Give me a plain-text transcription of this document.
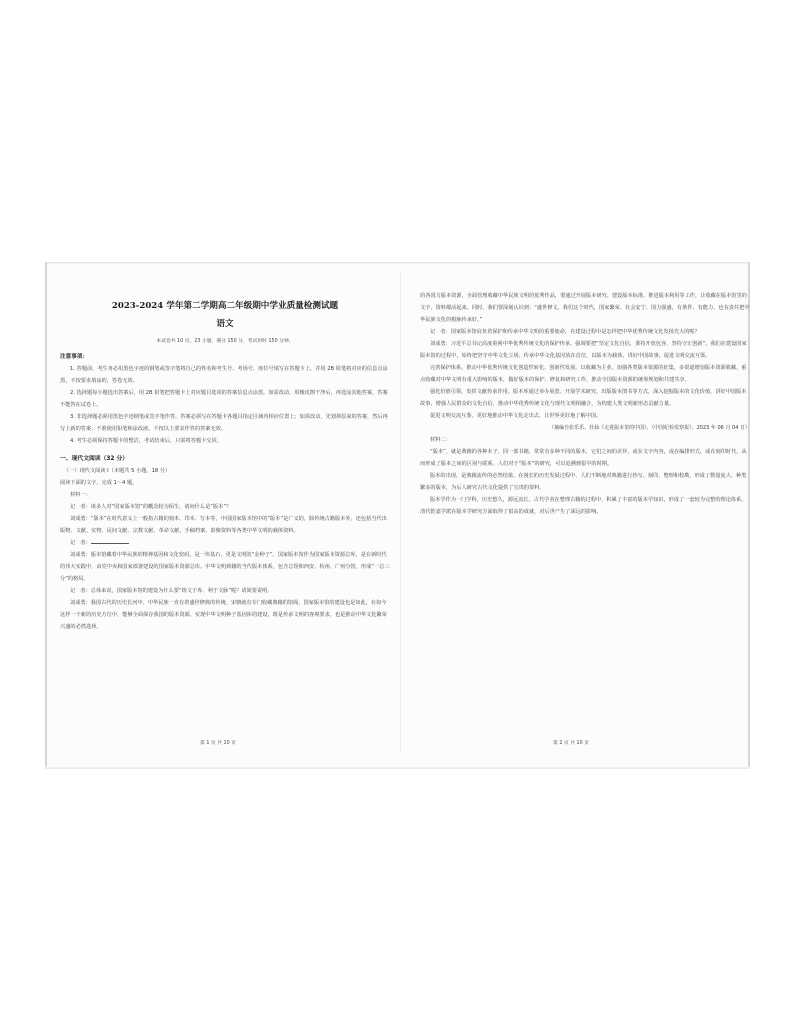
2023-2024 学年第二学期高二年级期中学业质量检测试题
语文
本试卷共 10 页，23 小题，满分 150 分，考试用时 150 分钟。
注意事项：

1. 答题前，考生务必用黑色字迹的钢笔或签字笔将自己的姓名和考生号、考场号、座位号填写在答题卡上，并用 2B 铅笔将对应的信息点涂黑，不按要求填涂的，答卷无效。

2. 选择题每小题选出答案后，用 2B 铅笔把答题卡上对应题目选项的答案信息点涂黑，如需改动，用橡皮擦干净后，再选涂其他答案，答案不能答在试卷上。

3. 非选择题必须用黑色字迹钢笔或签字笔作答，答案必须写在答题卡各题目指定区域内相应位置上；如需改动，先划掉原来的答案，然后再写上新的答案；不准使用铅笔和涂改液。不按以上要求作答的答案无效。

4. 考生必须保持答题卡的整洁，考试结束后，只需将答题卡交回。

一、现代文阅读（32 分）

（一）现代文阅读 I（本题共 5 小题，18 分）

阅读下面的文字，完成 1～4 题。

材料一：

记　者：谈多人对“国家版本馆”的概念较为陌生，请问什么是“版本”？

刘成勇：“版本”在时代意义上一般指古籍的刻本、印本、写本等，中国国家版本馆中的“版本”是广义的，除传统古籍版本外，还包括当代出版物、文献、实物、民间文献、宗教文献、革命文献、手稿档案、影像资料等各类中华文明的载体资料。

记　者：

刘成勇：版本馆藏着中华民族的精神基因和文化密码，是一块基石，更是文明的“金种子”。国家版本馆作为国家版本资源总库，是在新时代的伟大实践中，由党中央和国家部署建设的国家版本资源总库。中华文明典籍的当代版本体系，包含总馆和西安、杭州、广州分馆，形成“一总三分”的格局。

记　者：总体来说，国家版本馆的建设为什么要“铸文于库、利于文脉”呢？请简要说明。

刘成勇：我国古代的历史长河中，中华民族一直有着盛世修典的传统。宋朝就有专门收藏典籍的馆阁，国家版本馆的建设也是如此，在如今这样一个新的历史方位中，能够全面保存我国的版本资源，实现中华文明种子基因库的建设，既是传承文明的客观要求，也是推动中华文化繁荣兴盛的必然选择。

的各国力版本资源，全面管理收藏中华民族文明的优秀作品，要通过开展版本研究、建设版本标准、推进版本利用等工作，让收藏在版本馆里的文字、资料都活起来。同时，我们要深刻认识到：“盛世修文，我们这个时代，国家繁荣、社会安宁、国力强盛，有条件、有能力，也有责任把中华民族文化的根脉传承好。”

记　者：国家版本馆肩负着保护和传承中华文明的重要使命，在建设过程中是怎样把中华优秀传统文化发扬光大的呢？

刘成勇：习近平总书记高度重视中华优秀传统文化的保护传承，强调要把“坚定文化自信，秉持开放包容，坚持守正创新”。我们在建设国家版本馆的过程中，始终把坚守中华文化立场、传承中华文化基因放在首位，以版本为载体，讲好中国故事，促进文明交流互鉴。

完善保护体系，推动中华优秀传统文化创造性转化、创新性发展。以收藏为主业，加强各类版本资源的征集，多渠道增加版本资源收藏，重点收藏对中华文明有重大影响的版本，做好版本的保护、修复和研究工作，推动全国版本资源的统筹规划和共建共享。

强化价值引领，发挥文献传承作用。版本库通过举办展览、开展学术研究、出版版本图书等方式，深入挖掘版本的文化价值，讲好中国版本故事，增强人民群众的文化自信，推动中华优秀传统文化与现代文明相融合，为构建人类文明新形态贡献力量。

促进文明交流互鉴，更好地推动中华文化走出去，让世界更好地了解中国。

（摘编自张乐乐、杜仙《走进版本里的中国》，《中国纪检监察报》，2023 年 06 月 04 日）

材料二：

“版本”，就是典籍的各种本子。同一部书籍，常常有多种不同的版本，它们之间的差异，或在文字内容，或在编排形式，或在刻印时代，从而形成了版本之间的区别与联系。人们对于“版本”的研究，可以追溯到很早的时期。

版本的出现，是典籍流传的必然结果。在漫长的历史发展过程中，人们不断地对典籍进行抄写、刻印、整理和校勘，形成了数量庞大、种类繁多的版本，为后人研究古代文化提供了宝贵的资料。

版本学作为一门学科，历史悠久，源远流长。古代学者在整理古籍的过程中，积累了丰富的版本学知识，形成了一套较为完整的理论体系。清代乾嘉学派在版本学研究方面取得了很高的成就，对后世产生了深远的影响。

第 1 页 共 10 页	第 2 页 共 10 页
